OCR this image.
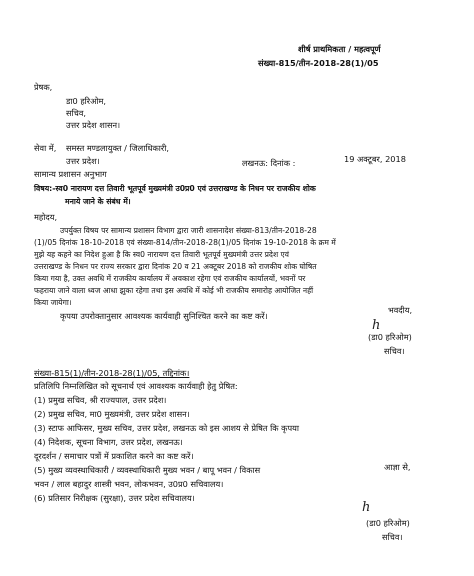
शीर्ष प्राथमिकता / महत्वपूर्ण
संख्या-815/तीन-2018-28(1)/05
प्रेषक,
डा0 हरिओम,
सचिव,
उत्तर प्रदेश शासन।
सेवा में, समस्त मण्डलायुक्त / जिलाधिकारी,
उत्तर प्रदेश।
सामान्य प्रशासन अनुभाग
लखनऊ: दिनांक :	19 अक्टूबर, 2018
विषय:-स्व0 नारायण दत्त तिवारी भूतपूर्व मुख्यमंत्री उ0प्र0 एवं उत्तराखण्ड के निधन पर राजकीय शोक
मनाये जाने के संबंध में।
महोदय,
उपर्युक्त विषय पर सामान्य प्रशासन विभाग द्वारा जारी शासनादेश संख्या-813/तीन-2018-28
(1)/05 दिनांक 18-10-2018 एवं संख्या-814/तीन-2018-28(1)/05 दिनांक 19-10-2018 के क्रम में
मुझे यह कहने का निदेश हुआ है कि स्व0 नारायण दत्त तिवारी भूतपूर्व मुख्यमंत्री उत्तर प्रदेश एवं
उत्तराखण्ड के निधन पर राज्य सरकार द्वारा दिनांक 20 व 21 अक्टूबर 2018 को राजकीय शोक घोषित
किया गया है, उक्त अवधि में राजकीय कार्यालय में अवकाश रहेगा एवं राजकीय कार्यालयों, भवनों पर
फहराया जाने वाला ध्वज आधा झुका रहेगा तथा इस अवधि में कोई भी राजकीय समारोह आयोजित नहीं
किया जायेगा।
कृपया उपरोक्तानुसार आवश्यक कार्यवाही सुनिश्चित करने का कष्ट करें।
भवदीय,
h
(डा0 हरिओम)
सचिव।
संख्या-815(1)/तीन-2018-28(1)/05, तद्दिनांक।
प्रतिलिपि निम्नलिखित को सूचनार्थ एवं आवश्यक कार्यवाही हेतु प्रेषित:
(1) प्रमुख सचिव, श्री राज्यपाल, उत्तर प्रदेश।
(2) प्रमुख सचिव, मा0 मुख्यमंत्री, उत्तर प्रदेश शासन।
(3) स्टाफ आफिसर, मुख्य सचिव, उत्तर प्रदेश, लखनऊ को इस आशय से प्रेषित कि कृपया
(4) निदेशक, सूचना विभाग, उत्तर प्रदेश, लखनऊ।
दूरदर्शन / समाचार पत्रों में प्रकाशित करने का कष्ट करें।
(5) मुख्य व्यवस्थाधिकारी / व्यवस्थाधिकारी मुख्य भवन / बापू भवन / विकास
भवन / लाल बहादुर शास्त्री भवन, लोकभवन, उ0प्र0 सचिवालय।
(6) प्रतिसार निरीक्षक (सुरक्षा), उत्तर प्रदेश सचिवालय।
आज्ञा से,
h
(डा0 हरिओम)
सचिव।
